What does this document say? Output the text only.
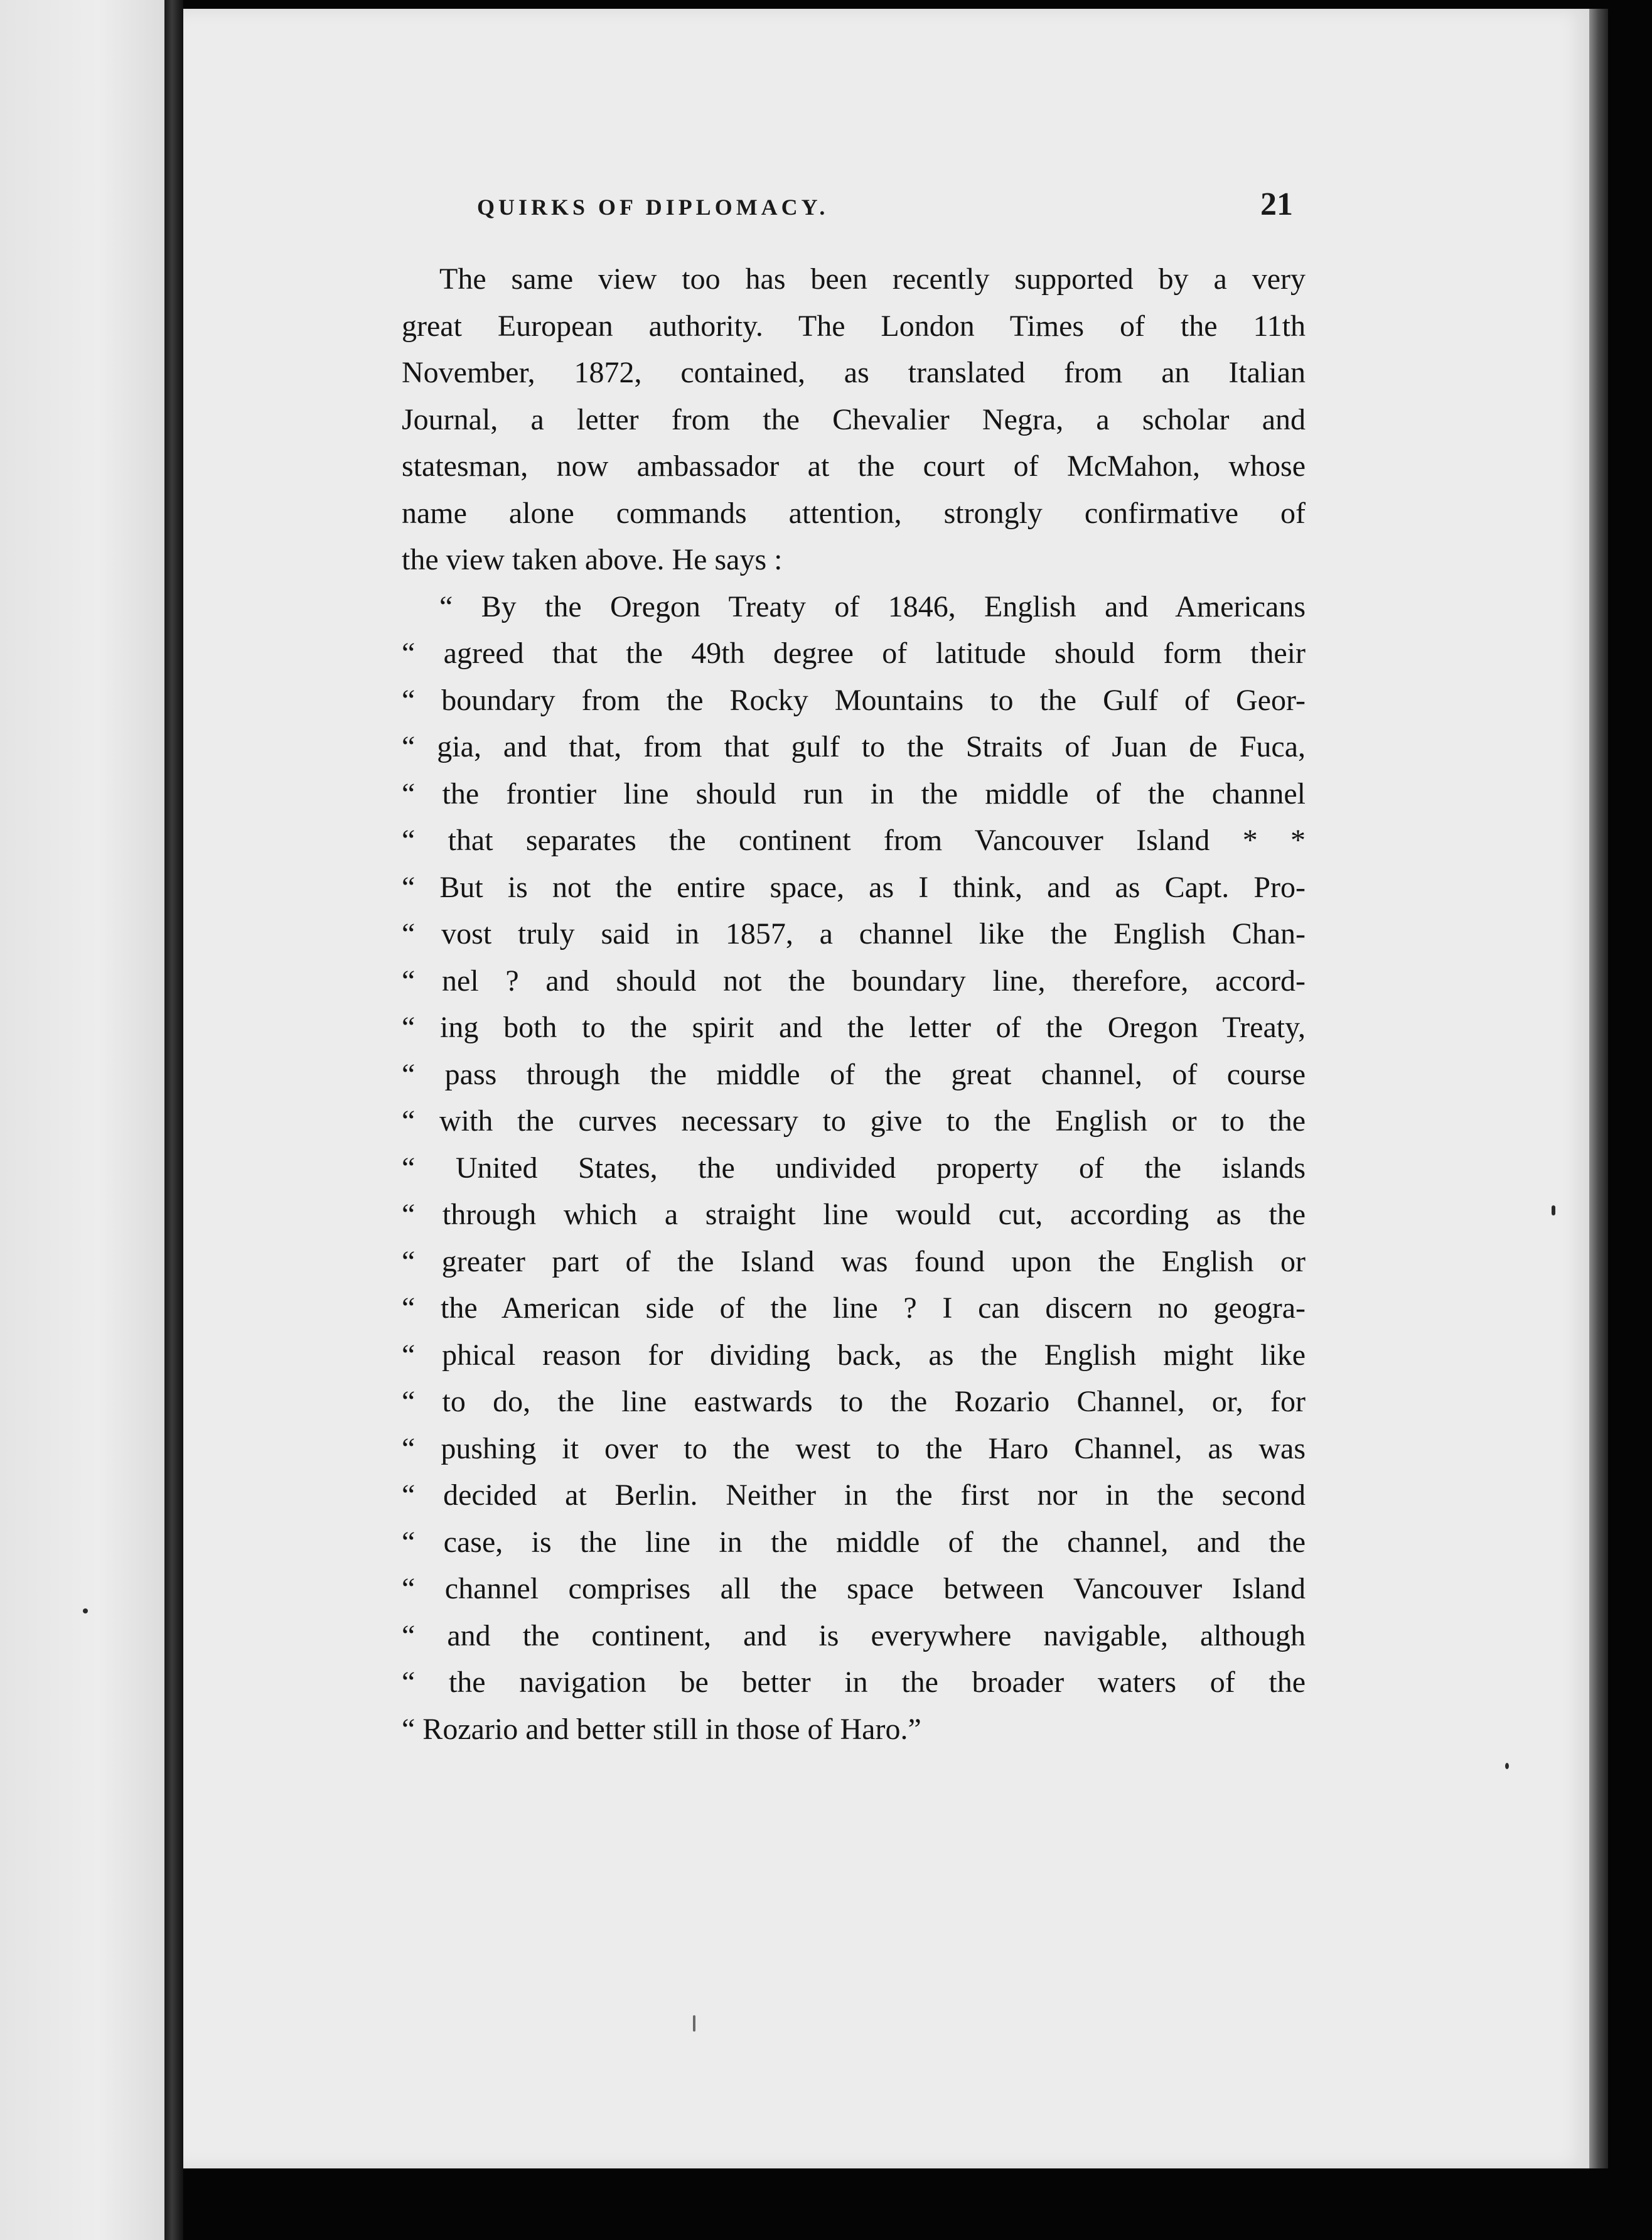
QUIRKS OF DIPLOMACY.	21
The same view too has been recently supported by a very
great European authority. The London Times of the 11th
November, 1872, contained, as translated from an Italian
Journal, a letter from the Chevalier Negra, a scholar and
statesman, now ambassador at the court of McMahon, whose
name alone commands attention, strongly confirmative of
the view taken above. He says :
“ By the Oregon Treaty of 1846, English and Americans
“ agreed that the 49th degree of latitude should form their
“ boundary from the Rocky Mountains to the Gulf of Geor-
“ gia, and that, from that gulf to the Straits of Juan de Fuca,
“ the frontier line should run in the middle of the channel
“ that separates the continent from Vancouver Island * *
“ But is not the entire space, as I think, and as Capt. Pro-
“ vost truly said in 1857, a channel like the English Chan-
“ nel ? and should not the boundary line, therefore, accord-
“ ing both to the spirit and the letter of the Oregon Treaty,
“ pass through the middle of the great channel, of course
“ with the curves necessary to give to the English or to the
“ United States, the undivided property of the islands
“ through which a straight line would cut, according as the
“ greater part of the Island was found upon the English or
“ the American side of the line ? I can discern no geogra-
“ phical reason for dividing back, as the English might like
“ to do, the line eastwards to the Rozario Channel, or, for
“ pushing it over to the west to the Haro Channel, as was
“ decided at Berlin. Neither in the first nor in the second
“ case, is the line in the middle of the channel, and the
“ channel comprises all the space between Vancouver Island
“ and the continent, and is everywhere navigable, although
“ the navigation be better in the broader waters of the
“ Rozario and better still in those of Haro.”
